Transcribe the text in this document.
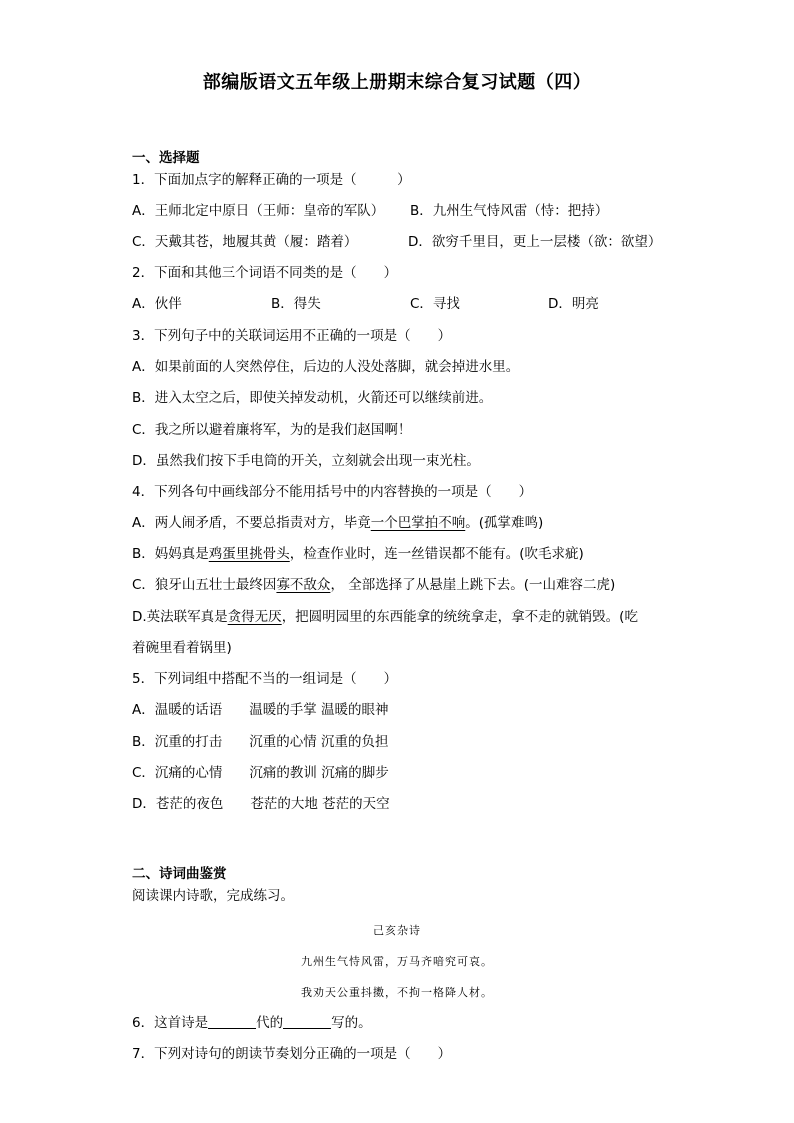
部编版语文五年级上册期末综合复习试题（四）
一、选择题
1．下面加点字的解释正确的一项是（　　　）
A．王师北定中原日（王师：皇帝的军队） B．九州生气恃风雷（恃：把持）
C．天戴其苍，地履其黄（履：踏着）	D．欲穷千里目，更上一层楼（欲：欲望）
2．下面和其他三个词语不同类的是（　　）
A．伙伴	B．得失	C．寻找	D．明亮
3．下列句子中的关联词运用不正确的一项是（　　）
A．如果前面的人突然停住，后边的人没处落脚，就会掉进水里。
B．进入太空之后，即使关掉发动机，火箭还可以继续前进。
C．我之所以避着廉将军，为的是我们赵国啊！
D．虽然我们按下手电筒的开关，立刻就会出现一束光柱。
4．下列各句中画线部分不能用括号中的内容替换的一项是（　　）
A．两人闹矛盾，不要总指责对方，毕竟一个巴掌拍不响。(孤掌难鸣)
B．妈妈真是鸡蛋里挑骨头，检查作业时，连一丝错误都不能有。(吹毛求疵)
C．狼牙山五壮士最终因寡不敌众， 全部选择了从悬崖上跳下去。(一山难容二虎)
D.英法联军真是贪得无厌，把圆明园里的东西能拿的统统拿走，拿不走的就销毁。(吃
着碗里看着锅里)
5．下列词组中搭配不当的一组词是（　　）
A．温暖的话语　　温暖的手掌 温暖的眼神
B．沉重的打击　　沉重的心情 沉重的负担
C．沉痛的心情　　沉痛的教训 沉痛的脚步
D．苍茫的夜色　　苍茫的大地 苍茫的天空
二、诗词曲鉴赏
阅读课内诗歌，完成练习。
己亥杂诗
九州生气恃风雷，万马齐喑究可哀。
我劝天公重抖擞，不拘一格降人材。
6．这首诗是	代的	写的。
7．下列对诗句的朗读节奏划分正确的一项是（　　）
